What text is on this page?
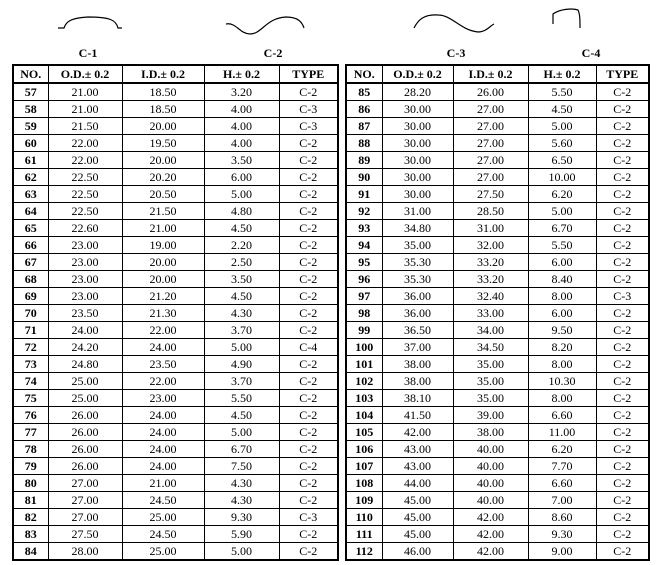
C-1	C-2	C-3	C-4
NO.	O.D.± 0.2	I.D.± 0.2	H.± 0.2	TYPE
57	21.00	18.50	3.20	C-2
58	21.00	18.50	4.00	C-3
59	21.50	20.00	4.00	C-3
60	22.00	19.50	4.00	C-2
61	22.00	20.00	3.50	C-2
62	22.50	20.20	6.00	C-2
63	22.50	20.50	5.00	C-2
64	22.50	21.50	4.80	C-2
65	22.60	21.00	4.50	C-2
66	23.00	19.00	2.20	C-2
67	23.00	20.00	2.50	C-2
68	23.00	20.00	3.50	C-2
69	23.00	21.20	4.50	C-2
70	23.50	21.30	4.30	C-2
71	24.00	22.00	3.70	C-2
72	24.20	24.00	5.00	C-4
73	24.80	23.50	4.90	C-2
74	25.00	22.00	3.70	C-2
75	25.00	23.00	5.50	C-2
76	26.00	24.00	4.50	C-2
77	26.00	24.00	5.00	C-2
78	26.00	24.00	6.70	C-2
79	26.00	24.00	7.50	C-2
80	27.00	21.00	4.30	C-2
81	27.00	24.50	4.30	C-2
82	27.00	25.00	9.30	C-3
83	27.50	24.50	5.90	C-2
84	28.00	25.00	5.00	C-2
NO.	O.D.± 0.2	I.D.± 0.2	H.± 0.2	TYPE
85	28.20	26.00	5.50	C-2
86	30.00	27.00	4.50	C-2
87	30.00	27.00	5.00	C-2
88	30.00	27.00	5.60	C-2
89	30.00	27.00	6.50	C-2
90	30.00	27.00	10.00	C-2
91	30.00	27.50	6.20	C-2
92	31.00	28.50	5.00	C-2
93	34.80	31.00	6.70	C-2
94	35.00	32.00	5.50	C-2
95	35.30	33.20	6.00	C-2
96	35.30	33.20	8.40	C-2
97	36.00	32.40	8.00	C-3
98	36.00	33.00	6.00	C-2
99	36.50	34.00	9.50	C-2
100	37.00	34.50	8.20	C-2
101	38.00	35.00	8.00	C-2
102	38.00	35.00	10.30	C-2
103	38.10	35.00	8.00	C-2
104	41.50	39.00	6.60	C-2
105	42.00	38.00	11.00	C-2
106	43.00	40.00	6.20	C-2
107	43.00	40.00	7.70	C-2
108	44.00	40.00	6.60	C-2
109	45.00	40.00	7.00	C-2
110	45.00	42.00	8.60	C-2
111	45.00	42.00	9.30	C-2
112	46.00	42.00	9.00	C-2
